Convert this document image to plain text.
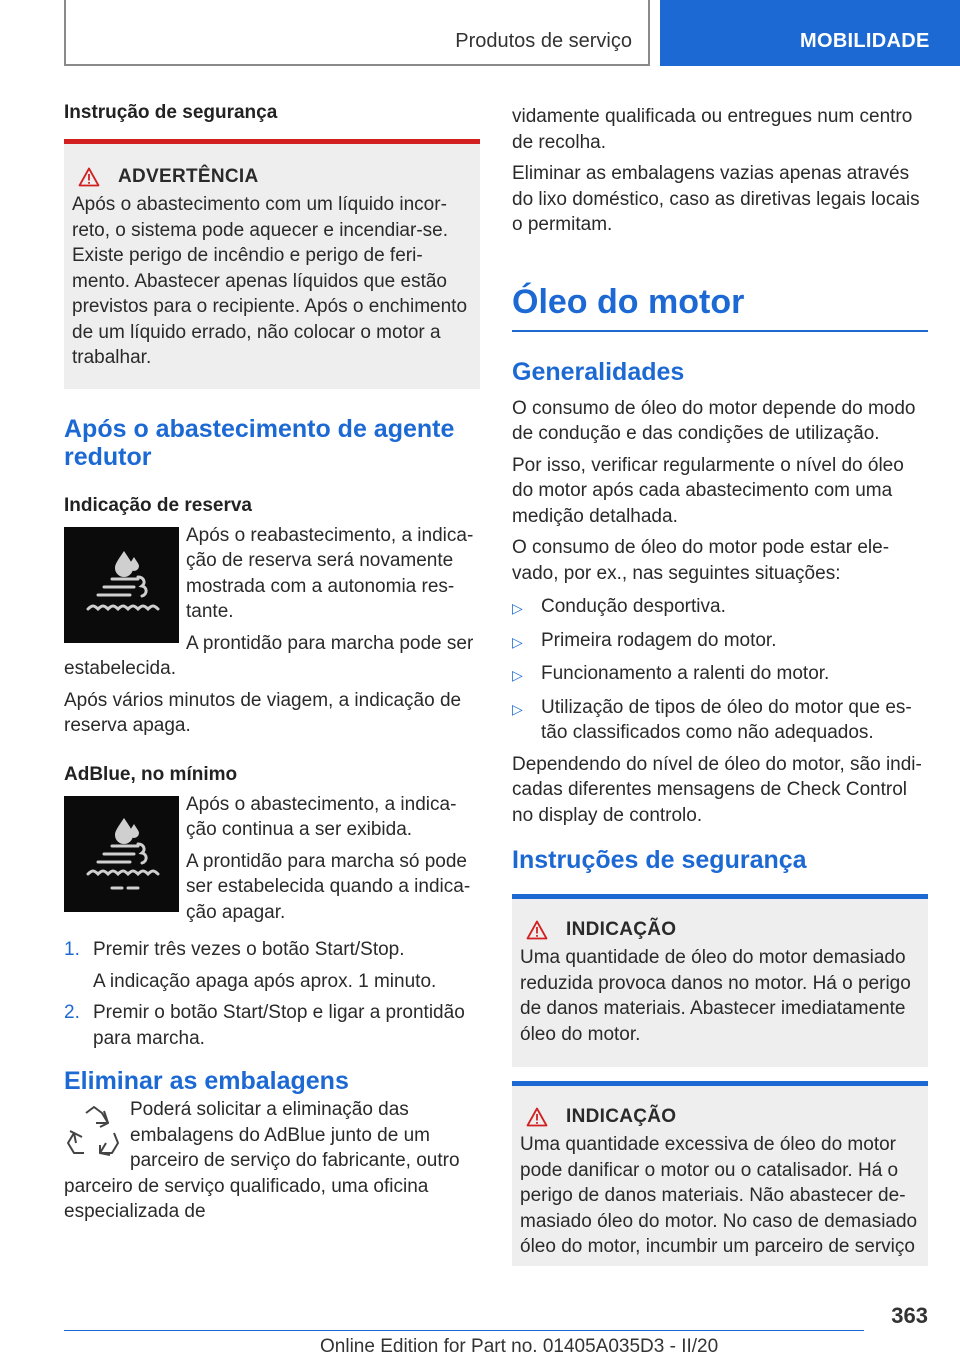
Produtos de serviço	MOBILIDADE
Instrução de segurança
ADVERTÊNCIA

Após o abastecimento com um líquido incorreto, o sistema pode aquecer e incendiar-se. Existe perigo de incêndio e perigo de ferimento. Abastecer apenas líquidos que estão previstos para o recipiente. Após o enchimento de um líquido errado, não colocar o motor a trabalhar.

Após o abastecimento de agente redutor
Indicação de reserva

Após o reabastecimento, a indicação de reserva será novamente mostrada com a autonomia restante.

A prontidão para marcha pode ser estabelecida.

Após vários minutos de viagem, a indicação de reserva apaga.

AdBlue, no mínimo

Após o abastecimento, a indicação continua a ser exibida.

A prontidão para marcha só pode ser estabelecida quando a indicação apagar.

1. Premir três vezes o botão Start/Stop.
A indicação apaga após aprox. 1 minuto.
2. Premir o botão Start/Stop e ligar a prontidão para marcha.
Eliminar as embalagens

Poderá solicitar a eliminação das embalagens do AdBlue junto de um parceiro de serviço do fabricante, outro parceiro de serviço qualificado, uma oficina especializada de

vidamente qualificada ou entregues num centro de recolha.

Eliminar as embalagens vazias apenas através do lixo doméstico, caso as diretivas legais locais o permitam.

Óleo do motor
Generalidades

O consumo de óleo do motor depende do modo de condução e das condições de utilização.

Por isso, verificar regularmente o nível do óleo do motor após cada abastecimento com uma medição detalhada.

O consumo de óleo do motor pode estar elevado, por ex., nas seguintes situações:

▷ Condução desportiva.
▷ Primeira rodagem do motor.
▷ Funcionamento a ralenti do motor.
▷ Utilização de tipos de óleo do motor que estão classificados como não adequados.

Dependendo do nível de óleo do motor, são indicadas diferentes mensagens de Check Control no display de controlo.

Instruções de segurança
INDICAÇÃO

Uma quantidade de óleo do motor demasiado reduzida provoca danos no motor. Há o perigo de danos materiais. Abastecer imediatamente óleo do motor.

INDICAÇÃO

Uma quantidade excessiva de óleo do motor pode danificar o motor ou o catalisador. Há o perigo de danos materiais. Não abastecer demasiado óleo do motor. No caso de demasiado óleo do motor, incumbir um parceiro de serviço

363
Online Edition for Part no. 01405A035D3 - II/20
